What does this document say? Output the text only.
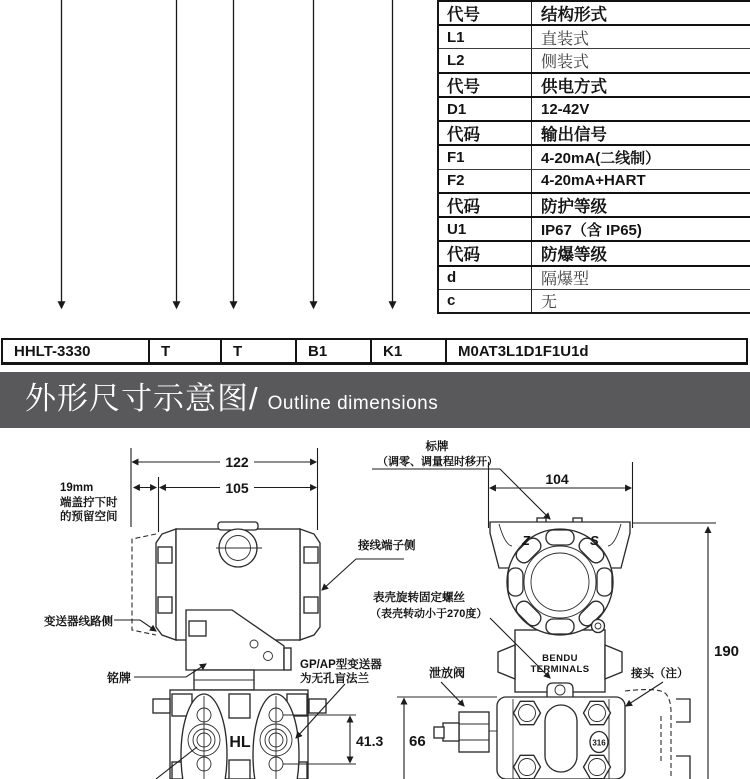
代号	结构形式
L1	直装式
L2	侧装式
代号	供电方式
D1	12-42V
代码	输出信号
F1	4-20mA(二线制）
F2	4-20mA+HART
代码	防护等级
U1	IP67（含 IP65)
代码	防爆等级
d	隔爆型
c	无
HHLT-3330	T	T	B1	K1	M0AT3L1D1F1U1d
外形尺寸示意图/ Outline dimensions
122
105
19mm
端盖拧下时
的预留空间
HL	41.3
变送器线路侧
铭牌
GP/AP型变送器
为无孔盲法兰
接线端子侧
标牌
（调零、调量程时移开）
104
Z	S
BENDU
TERMINALS
316
190
66
表壳旋转固定螺丝
（表壳转动小于270度）
泄放阀	接头（注）
